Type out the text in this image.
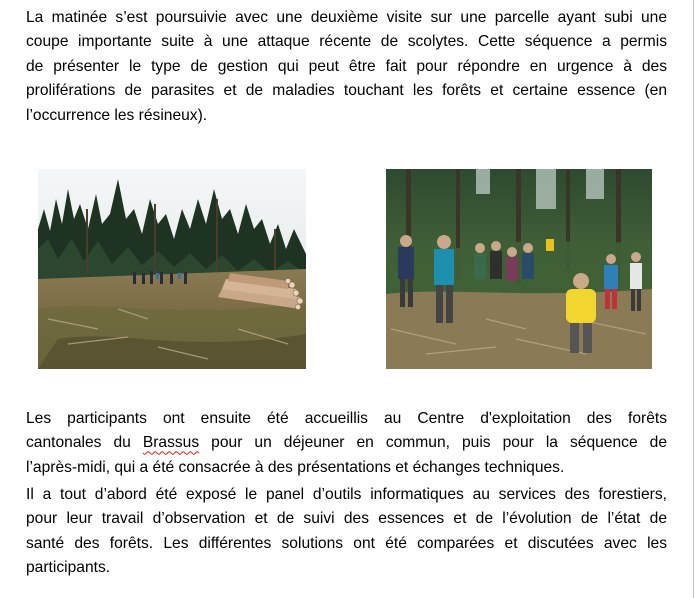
La matinée s’est poursuivie avec une deuxième visite sur une parcelle ayant subi une
coupe importante suite à une attaque récente de scolytes. Cette séquence a permis
de présenter le type de gestion qui peut être fait pour répondre en urgence à des
proliférations de parasites et de maladies touchant les forêts et certaine essence (en
l’occurrence les résineux).
Les participants ont ensuite été accueillis au Centre d'exploitation des forêts
cantonales du Brassus pour un déjeuner en commun, puis pour la séquence de
l’après-midi, qui a été consacrée à des présentations et échanges techniques.
Il a tout d’abord été exposé le panel d’outils informatiques au services des forestiers,
pour leur travail d’observation et de suivi des essences et de l’évolution de l’état de
santé des forêts. Les différentes solutions ont été comparées et discutées avec les
participants.
